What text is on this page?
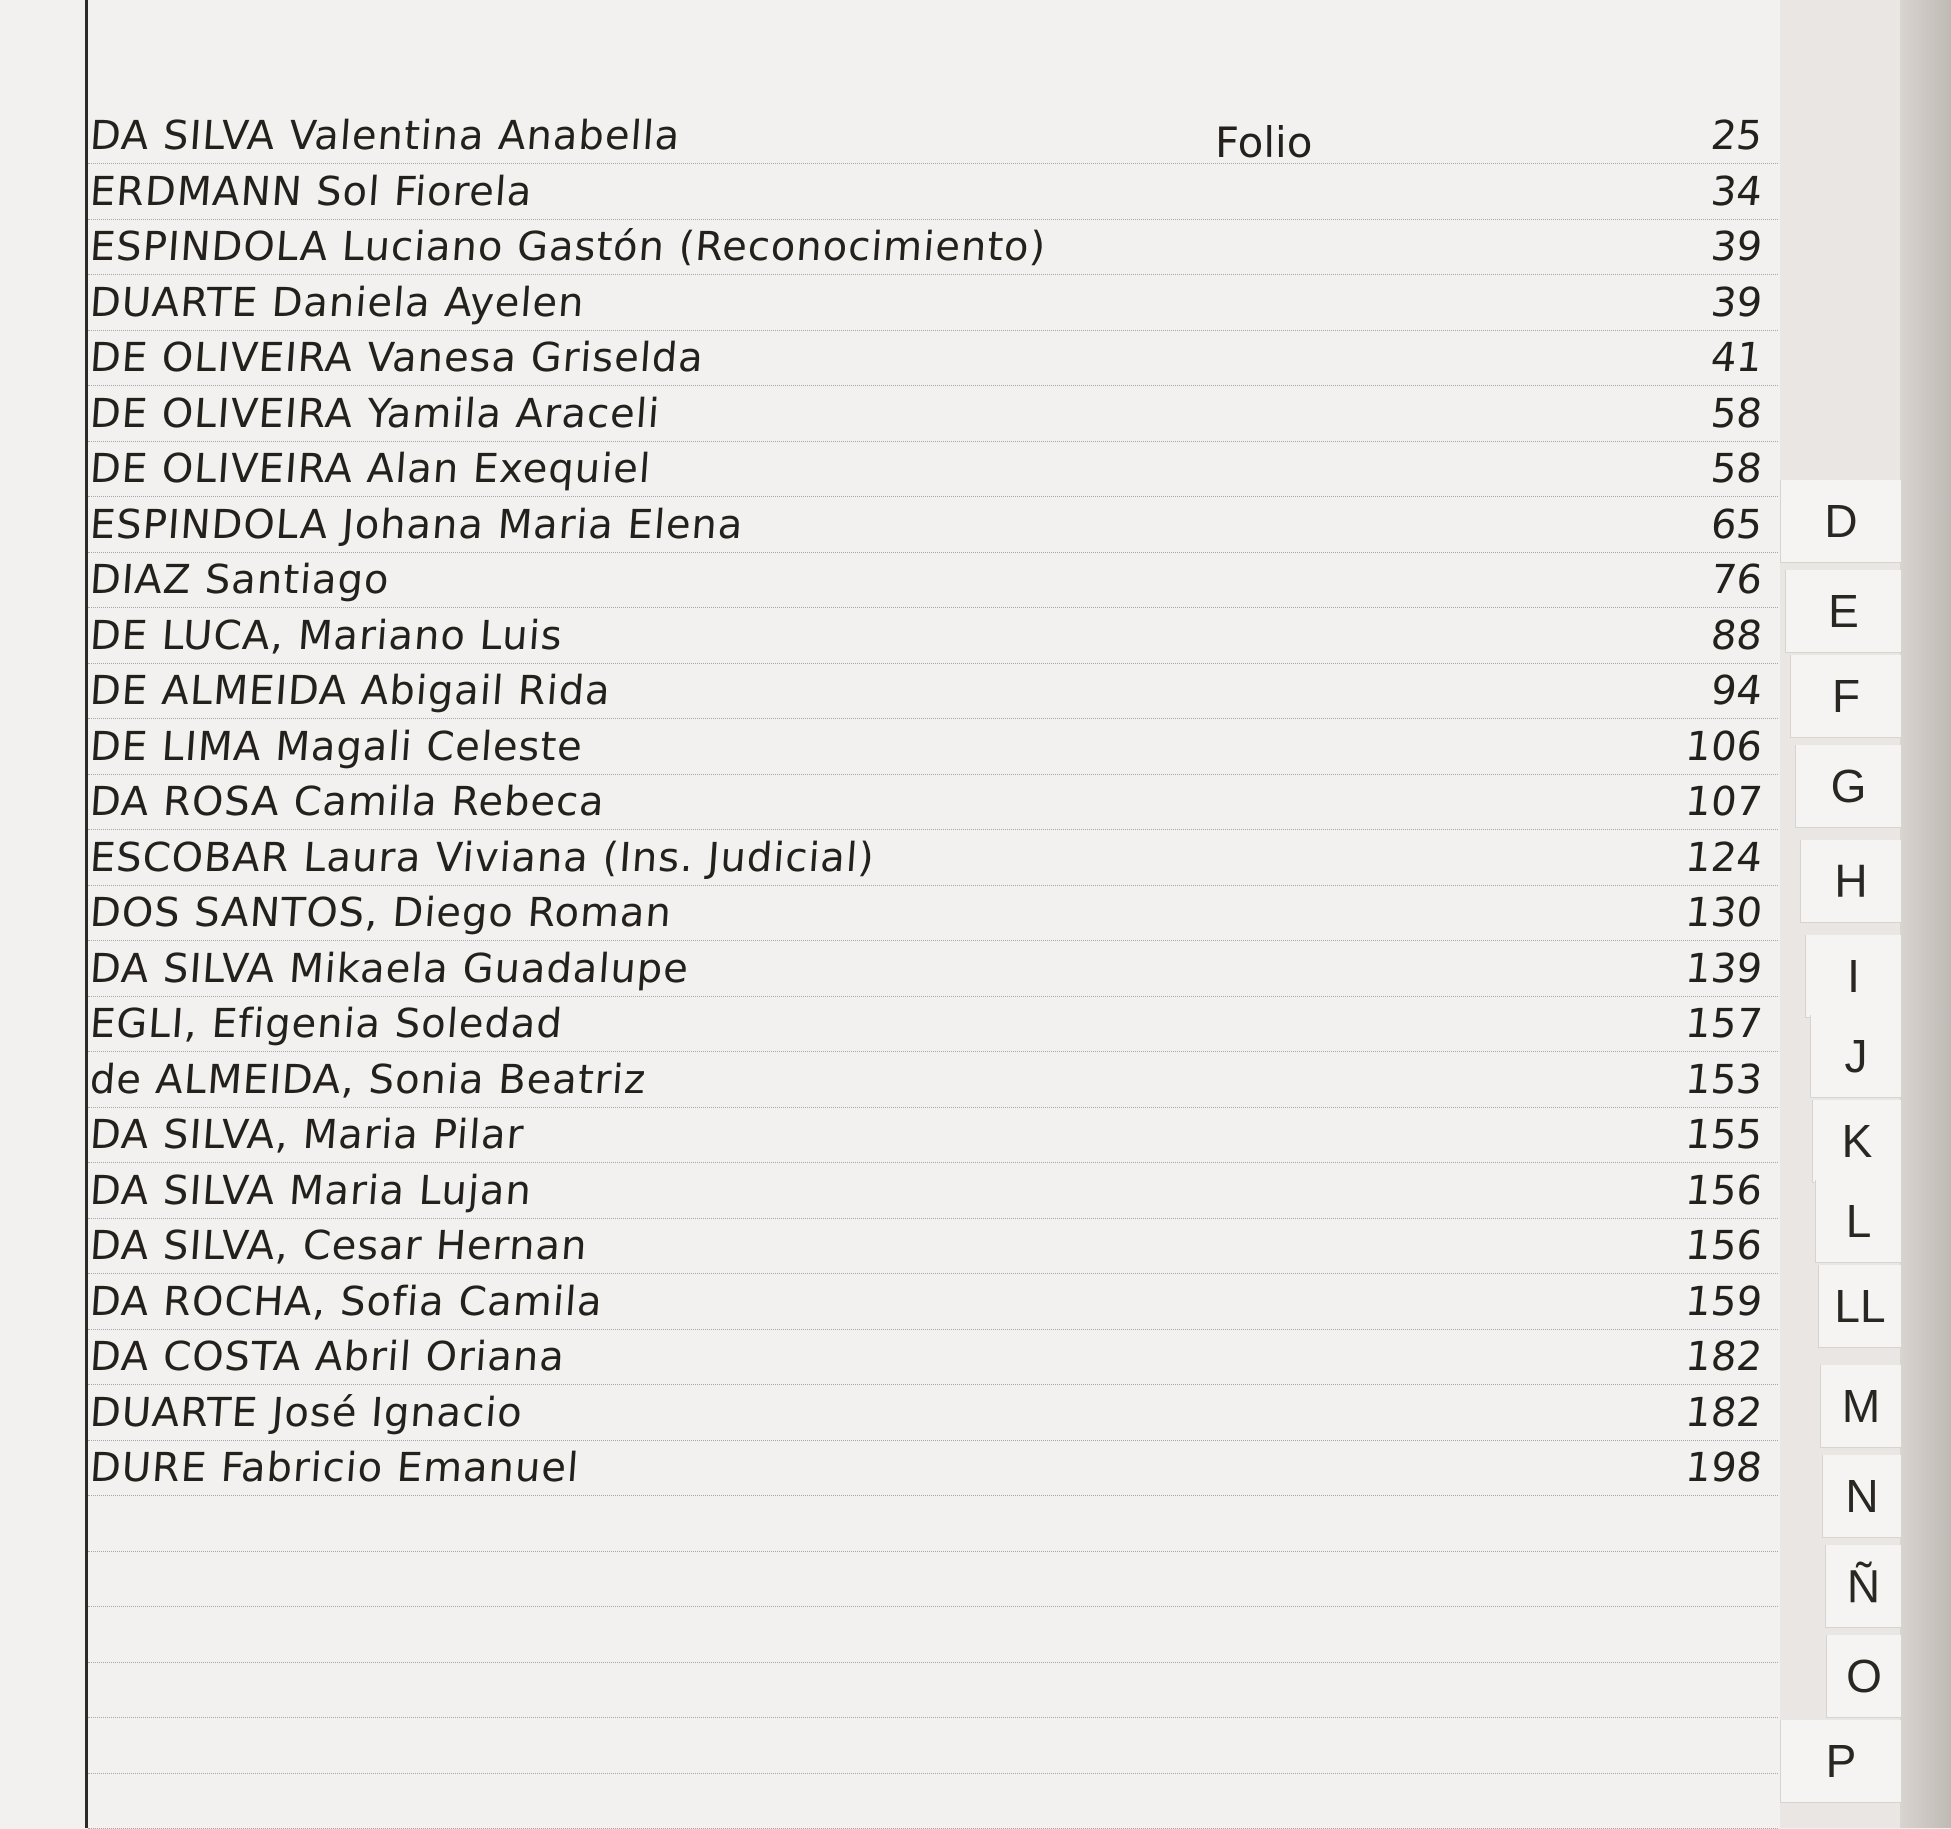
Folio
DA SILVA Valentina Anabella	25
ERDMANN Sol Fiorela	34
ESPINDOLA Luciano Gastón (Reconocimiento)	39
DUARTE Daniela Ayelen	39
DE OLIVEIRA Vanesa Griselda	41
DE OLIVEIRA Yamila Araceli	58
DE OLIVEIRA Alan Exequiel	58
ESPINDOLA Johana Maria Elena	65
DIAZ Santiago	76
DE LUCA, Mariano Luis	88
DE ALMEIDA Abigail Rida	94
DE LIMA Magali Celeste	106
DA ROSA Camila Rebeca	107
ESCOBAR Laura Viviana (Ins. Judicial)	124
DOS SANTOS, Diego Roman	130
DA SILVA Mikaela Guadalupe	139
EGLI, Efigenia Soledad	157
de ALMEIDA, Sonia Beatriz	153
DA SILVA, Maria Pilar	155
DA SILVA Maria Lujan	156
DA SILVA, Cesar Hernan	156
DA ROCHA, Sofia Camila	159
DA COSTA Abril Oriana	182
DUARTE José Ignacio	182
DURE Fabricio Emanuel	198
D
E
F
G
H
I
J
K
L
LL
M
N
Ñ
O
P
